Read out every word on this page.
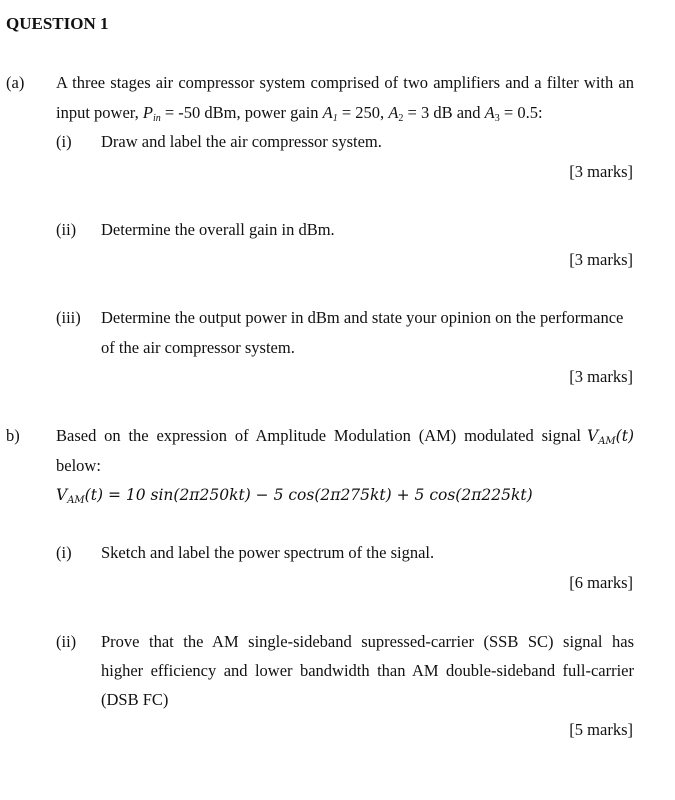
QUESTION 1
(a) A three stages air compressor system comprised of two amplifiers and a filter with an
input power, $P_{in} = -50$ dBm, power gain $A_1 = 250$, $A_2 = 3$ dB and $A_3 = 0.5$:
(i) Draw and label the air compressor system.
[3 marks]
(ii) Determine the overall gain in dBm.
[3 marks]
(iii) Determine the output power in dBm and state your opinion on the performance
of the air compressor system.
[3 marks]
b) Based on the expression of Amplitude Modulation (AM) modulated signal $V_{AM}(t)$
below:
$V_{AM}(t) = 10$ sin(2π250kt) − 5 cos(2π275kt) + 5 cos(2π225kt)
(i) Sketch and label the power spectrum of the signal.
[6 marks]
(ii) Prove that the AM single-sideband supressed-carrier (SSB SC) signal has
higher efficiency and lower bandwidth than AM double-sideband full-carrier
(DSB FC)
[5 marks]
